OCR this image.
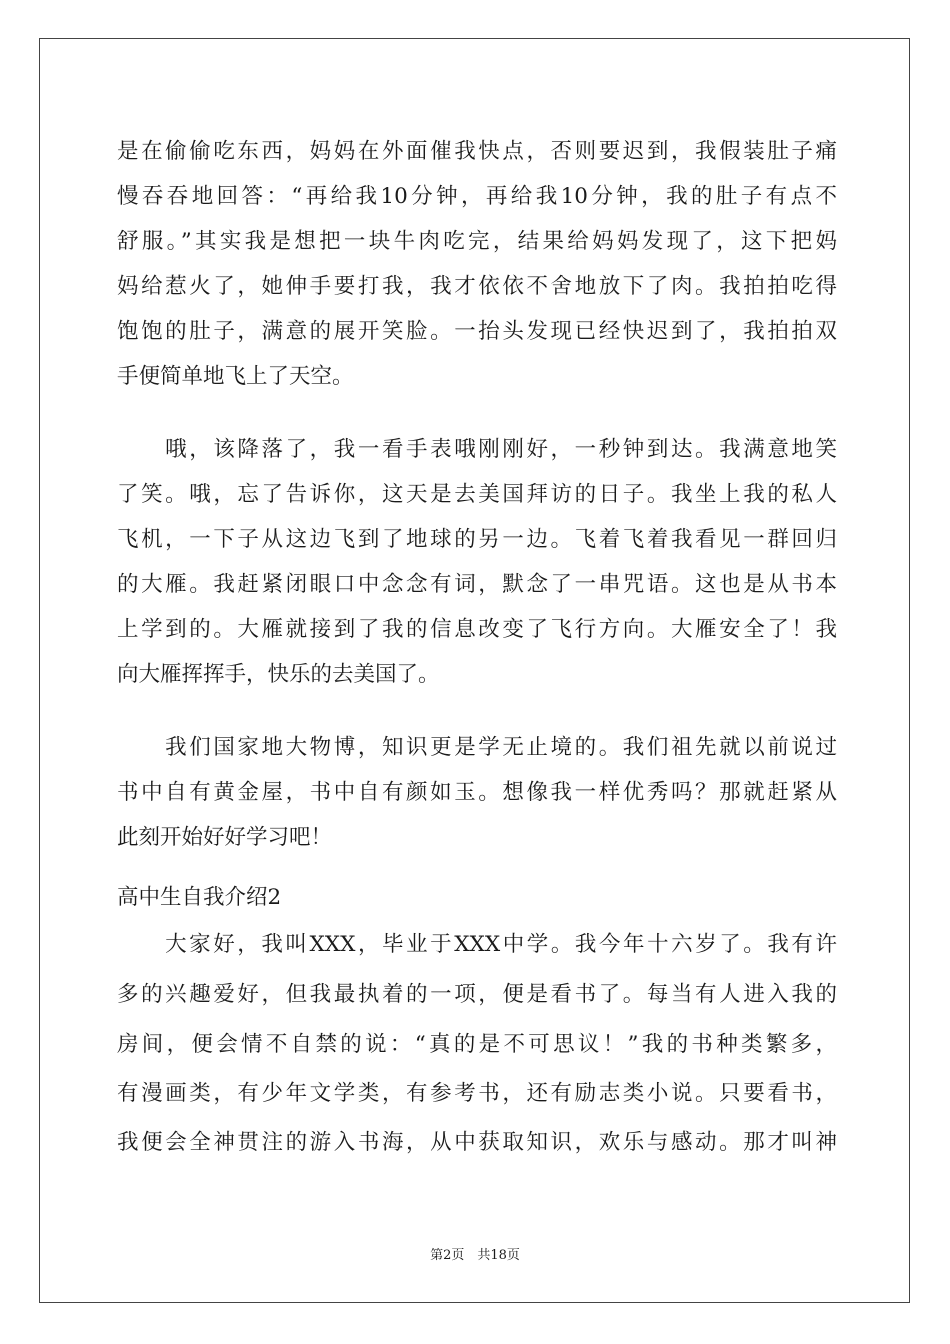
是在偷偷吃东西，妈妈在外面催我快点，否则要迟到，我假装肚子痛
慢吞吞地回答：“再给我10分钟，再给我10分钟，我的肚子有点不
舒服。”其实我是想把一块牛肉吃完，结果给妈妈发现了，这下把妈
妈给惹火了，她伸手要打我，我才依依不舍地放下了肉。我拍拍吃得
饱饱的肚子，满意的展开笑脸。一抬头发现已经快迟到了，我拍拍双
手便简单地飞上了天空。
　　哦，该降落了，我一看手表哦刚刚好，一秒钟到达。我满意地笑
了笑。哦，忘了告诉你，这天是去美国拜访的日子。我坐上我的私人
飞机，一下子从这边飞到了地球的另一边。飞着飞着我看见一群回归
的大雁。我赶紧闭眼口中念念有词，默念了一串咒语。这也是从书本
上学到的。大雁就接到了我的信息改变了飞行方向。大雁安全了！我
向大雁挥挥手，快乐的去美国了。
　　我们国家地大物博，知识更是学无止境的。我们祖先就以前说过
书中自有黄金屋，书中自有颜如玉。想像我一样优秀吗？那就赶紧从
此刻开始好好学习吧！
高中生自我介绍2
　　大家好，我叫XXX，毕业于XXX中学。我今年十六岁了。我有许
多的兴趣爱好，但我最执着的一项，便是看书了。每当有人进入我的
房间，便会情不自禁的说：“真的是不可思议！”我的书种类繁多，
有漫画类，有少年文学类，有参考书，还有励志类小说。只要看书，
我便会全神贯注的游入书海，从中获取知识，欢乐与感动。那才叫神
第2页　共18页
